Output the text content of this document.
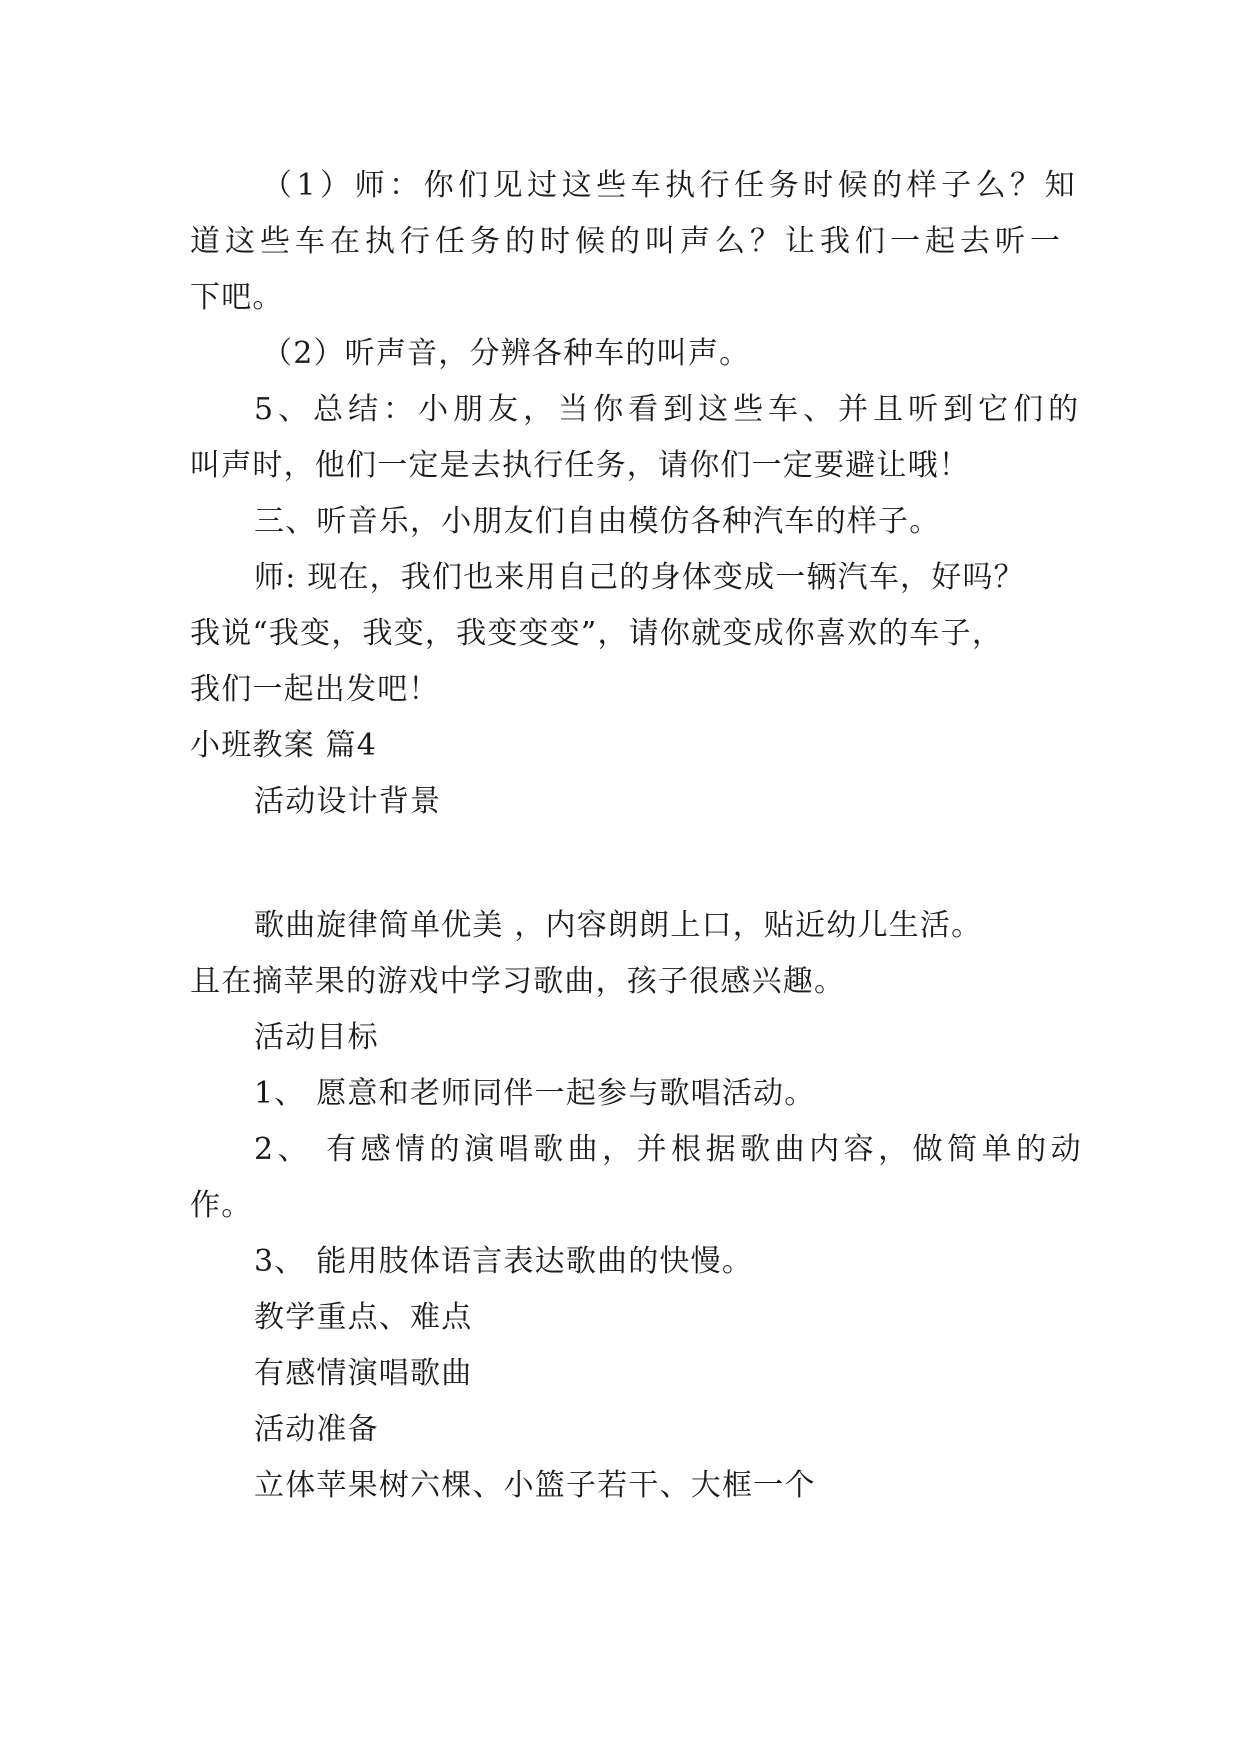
（1）师：你们见过这些车执行任务时候的样子么？知
道这些车在执行任务的时候的叫声么？让我们一起去听一
下吧。
（2）听声音，分辨各种车的叫声。
5、总结：小朋友，当你看到这些车、并且听到它们的
叫声时，他们一定是去执行任务，请你们一定要避让哦！
三、听音乐，小朋友们自由模仿各种汽车的样子。
师: 现在，我们也来用自己的身体变成一辆汽车，好吗？
我说“我变，我变，我变变变”，请你就变成你喜欢的车子，
我们一起出发吧！
小班教案 篇4
活动设计背景
歌曲旋律简单优美 ，内容朗朗上口，贴近幼儿生活。
且在摘苹果的游戏中学习歌曲，孩子很感兴趣。
活动目标
1、 愿意和老师同伴一起参与歌唱活动。
2、 有感情的演唱歌曲，并根据歌曲内容，做简单的动
作。
3、 能用肢体语言表达歌曲的快慢。
教学重点、难点
有感情演唱歌曲
活动准备
立体苹果树六棵、小篮子若干、大框一个
